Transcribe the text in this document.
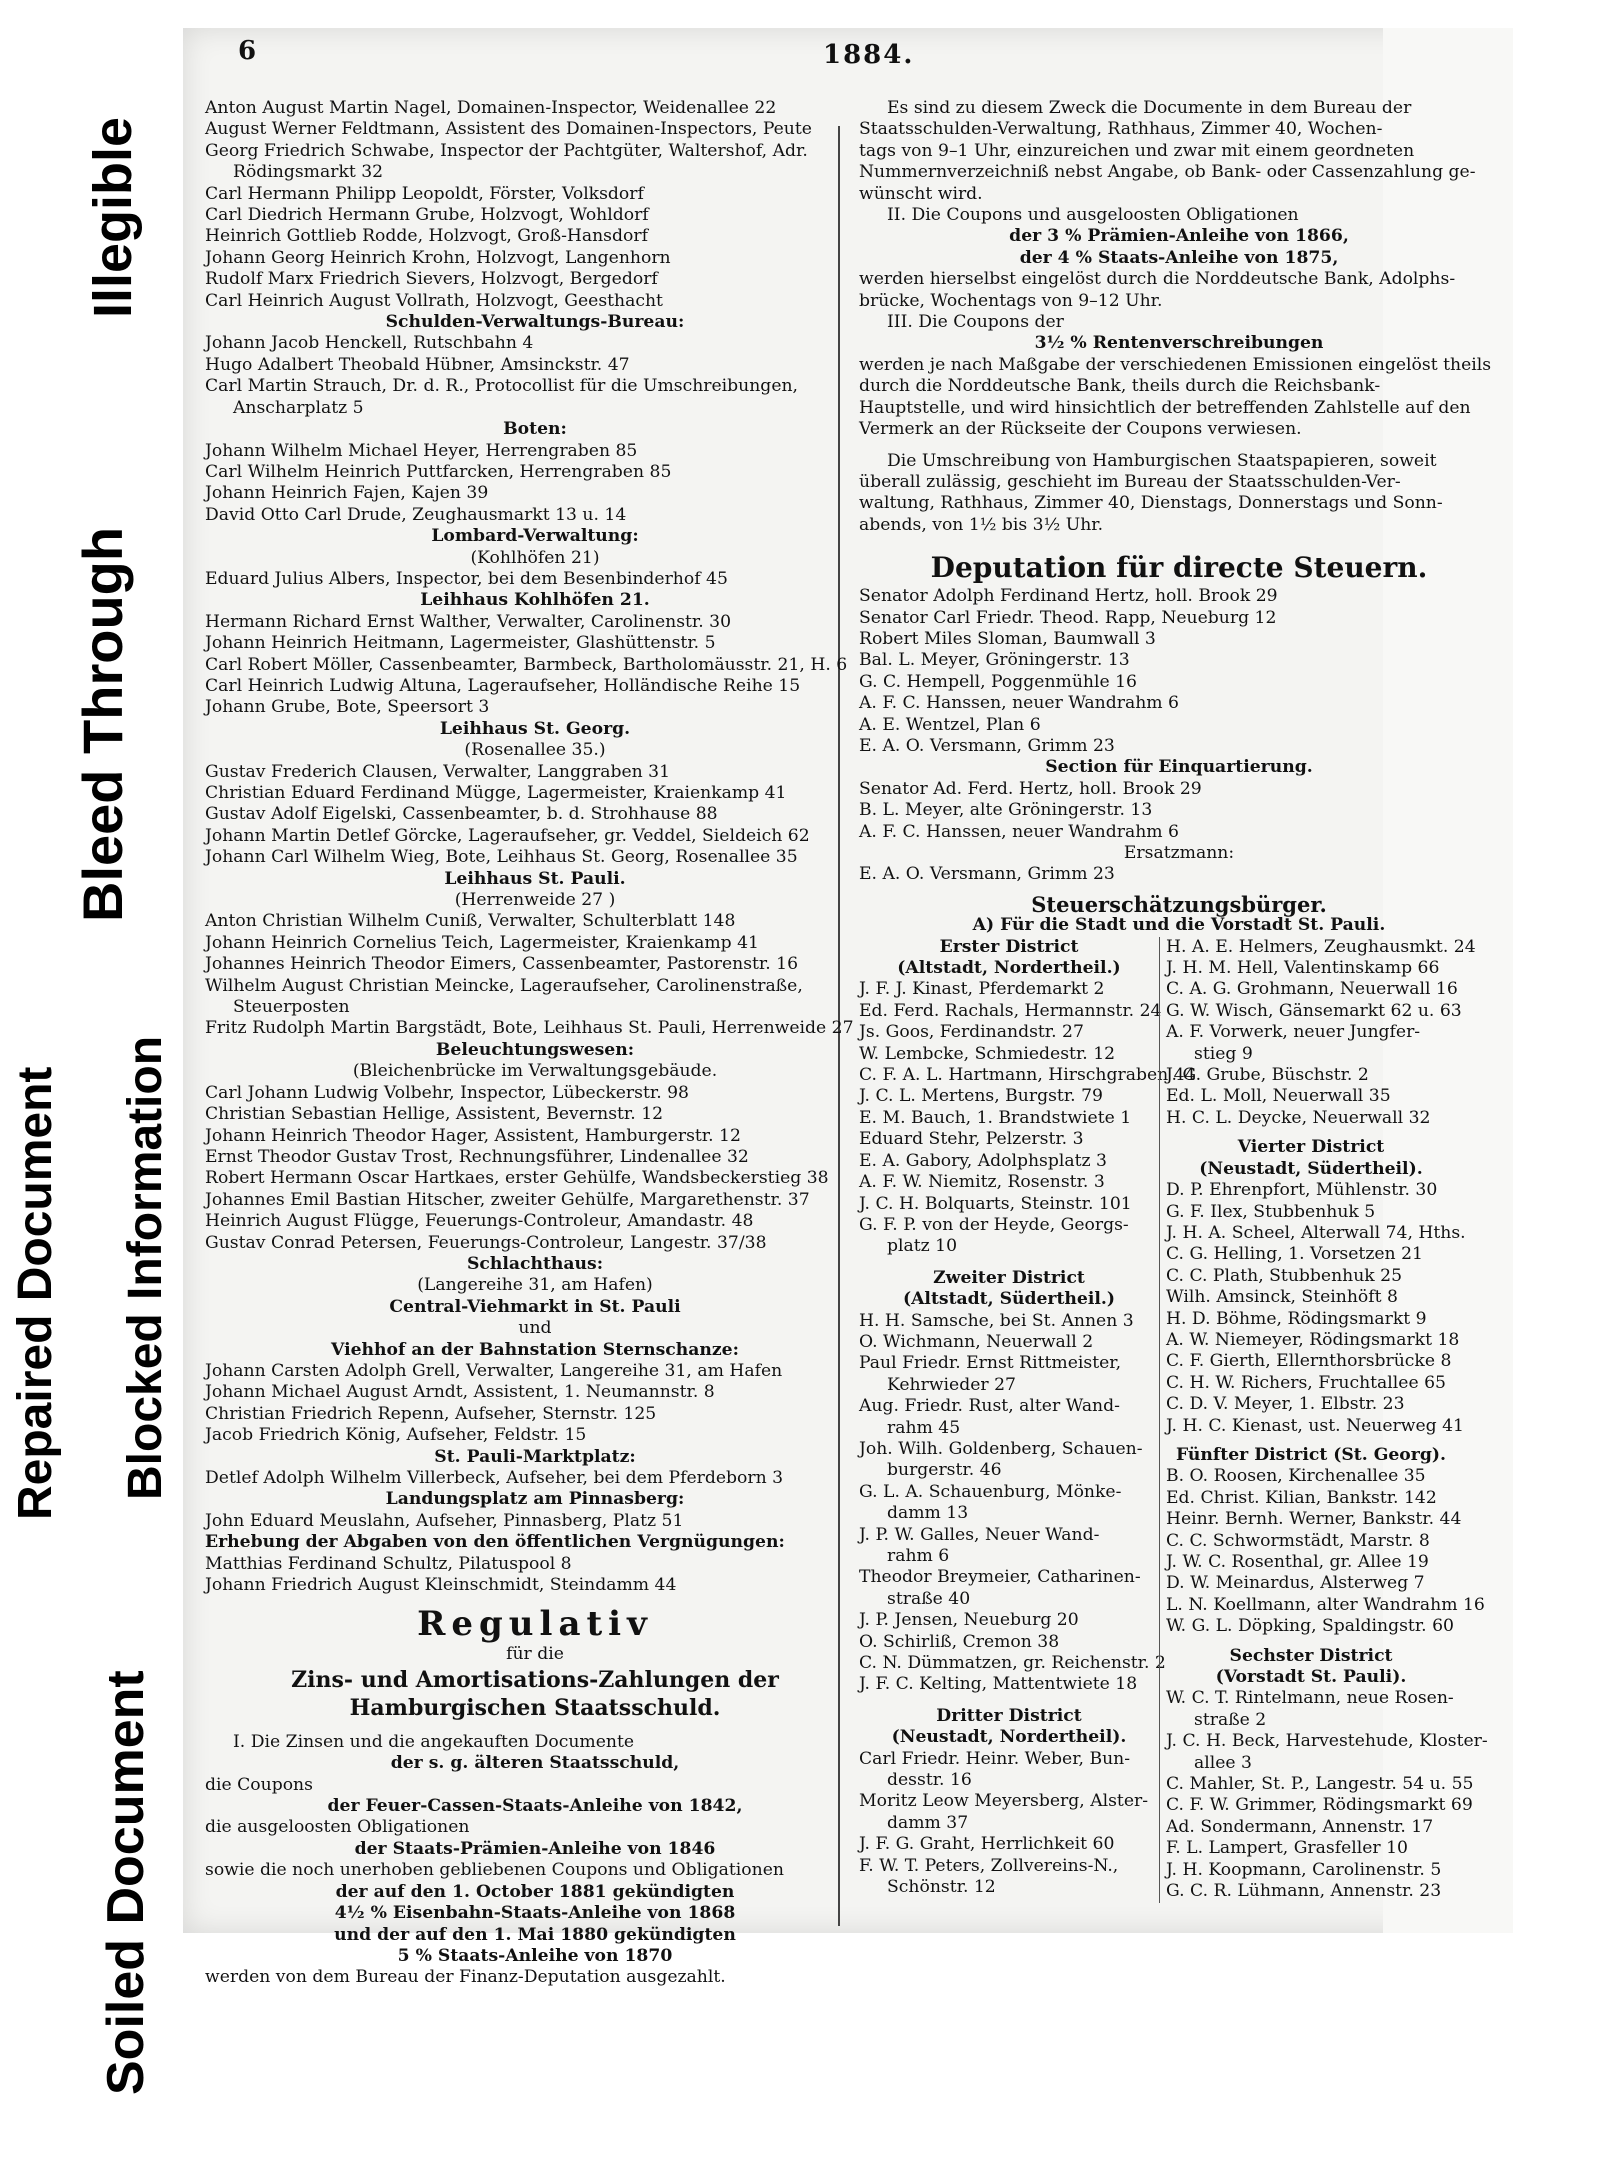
Illegible
Bleed Through
Blocked Information
Repaired Document
Soiled Document
6	1884.
Anton August Martin Nagel, Domainen-Inspector, Weidenallee 22
August Werner Feldtmann, Assistent des Domainen-Inspectors, Peute
Georg Friedrich Schwabe, Inspector der Pachtgüter, Waltershof, Adr.
Rödingsmarkt 32
Carl Hermann Philipp Leopoldt, Förster, Volksdorf
Carl Diedrich Hermann Grube, Holzvogt, Wohldorf
Heinrich Gottlieb Rodde, Holzvogt, Groß-Hansdorf
Johann Georg Heinrich Krohn, Holzvogt, Langenhorn
Rudolf Marx Friedrich Sievers, Holzvogt, Bergedorf
Carl Heinrich August Vollrath, Holzvogt, Geesthacht
Schulden-Verwaltungs-Bureau:
Johann Jacob Henckell, Rutschbahn 4
Hugo Adalbert Theobald Hübner, Amsinckstr. 47
Carl Martin Strauch, Dr. d. R., Protocollist für die Umschreibungen,
Anscharplatz 5
Boten:
Johann Wilhelm Michael Heyer, Herrengraben 85
Carl Wilhelm Heinrich Puttfarcken, Herrengraben 85
Johann Heinrich Fajen, Kajen 39
David Otto Carl Drude, Zeughausmarkt 13 u. 14
Lombard-Verwaltung:
(Kohlhöfen 21)
Eduard Julius Albers, Inspector, bei dem Besenbinderhof 45
Leihhaus Kohlhöfen 21.
Hermann Richard Ernst Walther, Verwalter, Carolinenstr. 30
Johann Heinrich Heitmann, Lagermeister, Glashüttenstr. 5
Carl Robert Möller, Cassenbeamter, Barmbeck, Bartholomäusstr. 21, H. 6
Carl Heinrich Ludwig Altuna, Lageraufseher, Holländische Reihe 15
Johann Grube, Bote, Speersort 3
Leihhaus St. Georg.
(Rosenallee 35.)
Gustav Frederich Clausen, Verwalter, Langgraben 31
Christian Eduard Ferdinand Mügge, Lagermeister, Kraienkamp 41
Gustav Adolf Eigelski, Cassenbeamter, b. d. Strohhause 88
Johann Martin Detlef Görcke, Lageraufseher, gr. Veddel, Sieldeich 62
Johann Carl Wilhelm Wieg, Bote, Leihhaus St. Georg, Rosenallee 35
Leihhaus St. Pauli.
(Herrenweide 27 )
Anton Christian Wilhelm Cuniß, Verwalter, Schulterblatt 148
Johann Heinrich Cornelius Teich, Lagermeister, Kraienkamp 41
Johannes Heinrich Theodor Eimers, Cassenbeamter, Pastorenstr. 16
Wilhelm August Christian Meincke, Lageraufseher, Carolinenstraße,
Steuerposten
Fritz Rudolph Martin Bargstädt, Bote, Leihhaus St. Pauli, Herrenweide 27
Beleuchtungswesen:
(Bleichenbrücke im Verwaltungsgebäude.
Carl Johann Ludwig Volbehr, Inspector, Lübeckerstr. 98
Christian Sebastian Hellige, Assistent, Bevernstr. 12
Johann Heinrich Theodor Hager, Assistent, Hamburgerstr. 12
Ernst Theodor Gustav Trost, Rechnungsführer, Lindenallee 32
Robert Hermann Oscar Hartkaes, erster Gehülfe, Wandsbeckerstieg 38
Johannes Emil Bastian Hitscher, zweiter Gehülfe, Margarethenstr. 37
Heinrich August Flügge, Feuerungs-Controleur, Amandastr. 48
Gustav Conrad Petersen, Feuerungs-Controleur, Langestr. 37/38
Schlachthaus:
(Langereihe 31, am Hafen)
Central-Viehmarkt in St. Pauli
und
Viehhof an der Bahnstation Sternschanze:
Johann Carsten Adolph Grell, Verwalter, Langereihe 31, am Hafen
Johann Michael August Arndt, Assistent, 1. Neumannstr. 8
Christian Friedrich Repenn, Aufseher, Sternstr. 125
Jacob Friedrich König, Aufseher, Feldstr. 15
St. Pauli-Marktplatz:
Detlef Adolph Wilhelm Villerbeck, Aufseher, bei dem Pferdeborn 3
Landungsplatz am Pinnasberg:
John Eduard Meuslahn, Aufseher, Pinnasberg, Platz 51
Erhebung der Abgaben von den öffentlichen Vergnügungen:
Matthias Ferdinand Schultz, Pilatuspool 8
Johann Friedrich August Kleinschmidt, Steindamm 44
Regulativ
für die
Zins- und Amortisations-Zahlungen der
Hamburgischen Staatsschuld.
I. Die Zinsen und die angekauften Documente
der s. g. älteren Staatsschuld,
die Coupons
der Feuer-Cassen-Staats-Anleihe von 1842,
die ausgeloosten Obligationen
der Staats-Prämien-Anleihe von 1846
sowie die noch unerhoben gebliebenen Coupons und Obligationen
der auf den 1. October 1881 gekündigten
4½ % Eisenbahn-Staats-Anleihe von 1868
und der auf den 1. Mai 1880 gekündigten
5 % Staats-Anleihe von 1870
werden von dem Bureau der Finanz-Deputation ausgezahlt.
Es sind zu diesem Zweck die Documente in dem Bureau der
Staatsschulden-Verwaltung, Rathhaus, Zimmer 40, Wochen-
tags von 9–1 Uhr, einzureichen und zwar mit einem geordneten
Nummernverzeichniß nebst Angabe, ob Bank- oder Cassenzahlung ge-
wünscht wird.
II. Die Coupons und ausgeloosten Obligationen
der 3 % Prämien-Anleihe von 1866,
der 4 % Staats-Anleihe von 1875,
werden hierselbst eingelöst durch die Norddeutsche Bank, Adolphs-
brücke, Wochentags von 9–12 Uhr.
III. Die Coupons der
3½ % Rentenverschreibungen
werden je nach Maßgabe der verschiedenen Emissionen eingelöst theils
durch die Norddeutsche Bank, theils durch die Reichsbank-
Hauptstelle, und wird hinsichtlich der betreffenden Zahlstelle auf den
Vermerk an der Rückseite der Coupons verwiesen.
Die Umschreibung von Hamburgischen Staatspapieren, soweit
überall zulässig, geschieht im Bureau der Staatsschulden-Ver-
waltung, Rathhaus, Zimmer 40, Dienstags, Donnerstags und Sonn-
abends, von 1½ bis 3½ Uhr.
Deputation für directe Steuern.
Senator Adolph Ferdinand Hertz, holl. Brook 29
Senator Carl Friedr. Theod. Rapp, Neueburg 12
Robert Miles Sloman, Baumwall 3
Bal. L. Meyer, Gröningerstr. 13
G. C. Hempell, Poggenmühle 16
A. F. C. Hanssen, neuer Wandrahm 6
A. E. Wentzel, Plan 6
E. A. O. Versmann, Grimm 23
Section für Einquartierung.
Senator Ad. Ferd. Hertz, holl. Brook 29
B. L. Meyer, alte Gröningerstr. 13
A. F. C. Hanssen, neuer Wandrahm 6
Ersatzmann:
E. A. O. Versmann, Grimm 23
Steuerschätzungsbürger.
A) Für die Stadt und die Vorstadt St. Pauli.
Erster District
(Altstadt, Nordertheil.)
J. F. J. Kinast, Pferdemarkt 2
Ed. Ferd. Rachals, Hermannstr. 24
Js. Goos, Ferdinandstr. 27
W. Lembcke, Schmiedestr. 12
C. F. A. L. Hartmann, Hirschgraben 44
J. C. L. Mertens, Burgstr. 79
E. M. Bauch, 1. Brandstwiete 1
Eduard Stehr, Pelzerstr. 3
E. A. Gabory, Adolphsplatz 3
A. F. W. Niemitz, Rosenstr. 3
J. C. H. Bolquarts, Steinstr. 101
G. F. P. von der Heyde, Georgs-
platz 10
Zweiter District
(Altstadt, Südertheil.)
H. H. Samsche, bei St. Annen 3
O. Wichmann, Neuerwall 2
Paul Friedr. Ernst Rittmeister,
Kehrwieder 27
Aug. Friedr. Rust, alter Wand-
rahm 45
Joh. Wilh. Goldenberg, Schauen-
burgerstr. 46
G. L. A. Schauenburg, Mönke-
damm 13
J. P. W. Galles, Neuer Wand-
rahm 6
Theodor Breymeier, Catharinen-
straße 40
J. P. Jensen, Neueburg 20
O. Schirliß, Cremon 38
C. N. Dümmatzen, gr. Reichenstr. 2
J. F. C. Kelting, Mattentwiete 18
Dritter District
(Neustadt, Nordertheil).
Carl Friedr. Heinr. Weber, Bun-
desstr. 16
Moritz Leow Meyersberg, Alster-
damm 37
J. F. G. Graht, Herrlichkeit 60
F. W. T. Peters, Zollvereins-N.,
Schönstr. 12
H. A. E. Helmers, Zeughausmkt. 24
J. H. M. Hell, Valentinskamp 66
C. A. G. Grohmann, Neuerwall 16
G. W. Wisch, Gänsemarkt 62 u. 63
A. F. Vorwerk, neuer Jungfer-
stieg 9
J. G. Grube, Büschstr. 2
Ed. L. Moll, Neuerwall 35
H. C. L. Deycke, Neuerwall 32
Vierter District
(Neustadt, Südertheil).
D. P. Ehrenpfort, Mühlenstr. 30
G. F. Ilex, Stubbenhuk 5
J. H. A. Scheel, Alterwall 74, Hths.
C. G. Helling, 1. Vorsetzen 21
C. C. Plath, Stubbenhuk 25
Wilh. Amsinck, Steinhöft 8
H. D. Böhme, Rödingsmarkt 9
A. W. Niemeyer, Rödingsmarkt 18
C. F. Gierth, Ellernthorsbrücke 8
C. H. W. Richers, Fruchtallee 65
C. D. V. Meyer, 1. Elbstr. 23
J. H. C. Kienast, ust. Neuerweg 41
Fünfter District (St. Georg).
B. O. Roosen, Kirchenallee 35
Ed. Christ. Kilian, Bankstr. 142
Heinr. Bernh. Werner, Bankstr. 44
C. C. Schwormstädt, Marstr. 8
J. W. C. Rosenthal, gr. Allee 19
D. W. Meinardus, Alsterweg 7
L. N. Koellmann, alter Wandrahm 16
W. G. L. Döpking, Spaldingstr. 60
Sechster District
(Vorstadt St. Pauli).
W. C. T. Rintelmann, neue Rosen-
straße 2
J. C. H. Beck, Harvestehude, Kloster-
allee 3
C. Mahler, St. P., Langestr. 54 u. 55
C. F. W. Grimmer, Rödingsmarkt 69
Ad. Sondermann, Annenstr. 17
F. L. Lampert, Grasfeller 10
J. H. Koopmann, Carolinenstr. 5
G. C. R. Lühmann, Annenstr. 23
